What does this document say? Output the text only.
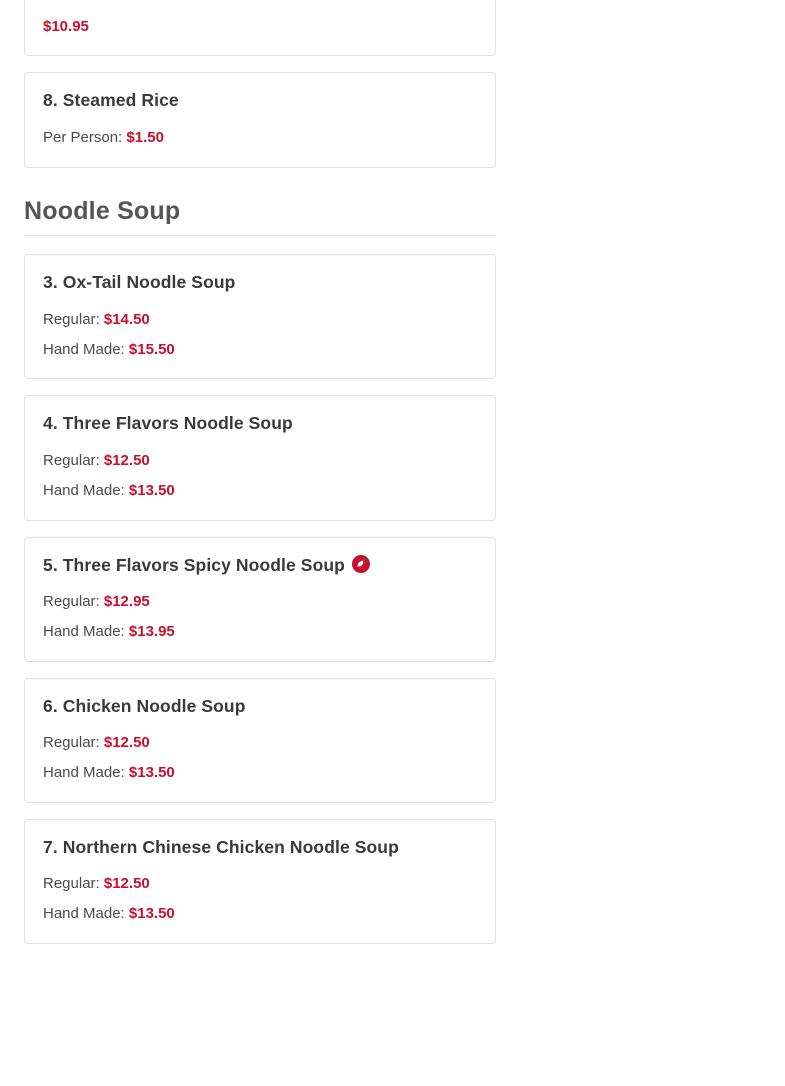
$10.95

8. Steamed Rice

Per Person: $1.50

Noodle Soup
3. Ox-Tail Noodle Soup

Regular: $14.50

Hand Made: $15.50

4. Three Flavors Noodle Soup

Regular: $12.50

Hand Made: $13.50

5. Three Flavors Spicy Noodle Soup

Regular: $12.95

Hand Made: $13.95

6. Chicken Noodle Soup

Regular: $12.50

Hand Made: $13.50

7. Northern Chinese Chicken Noodle Soup

Regular: $12.50

Hand Made: $13.50
